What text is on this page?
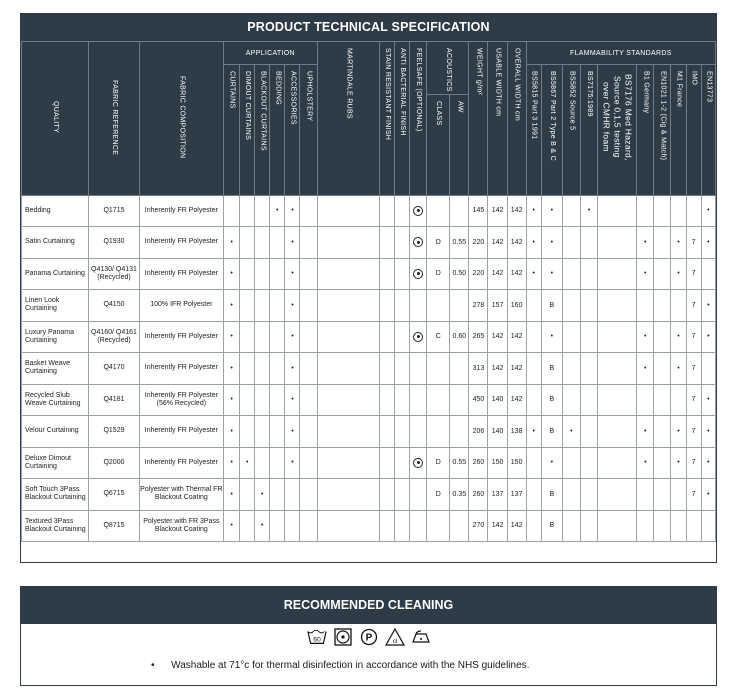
PRODUCT TECHNICAL SPECIFICATION
QUALITY	FABRIC REFERENCE	FABRIC COMPOSITION	APPLICATION						MARTINDALE RUBS	STAIN RESISTANT FINISH	ANTI BACTERIAL FINISH	FEELSAFE (OPTIONAL)	ACOUSTICS		WEIGHT g/m²	USABLE WIDTH cm	OVERALL WIDTH cm	FLAMMABILITY STANDARDS									
			CURTAINS	DIMOUT CURTAINS	BLACKOUT CURTAINS	BEDDING	ACCESSORIES	UPHOLSTERY										BS5815 Part 3 1991	BS5867 Part 2 Type B & C	BS5852 Source 5	BS7175:1989	BS7176 Med Hazard, Source 0,1,5 testing over CMHR foam	B1 Germany	EN1021 1-2 (Cig & Match)	M1 France	IMO	EN13773
													CLASS	AW													
Bedding	Q1715	Inherently FR Polyester				•	•								145	142	142	•	•		•						•
Satin Curtaining	Q1930	Inherently FR Polyester	•				•						D	0.55	220	142	142	•	•				•		•	7	•
Panama Curtaining	Q4130/ Q4131 (Recycled)	Inherently FR Polyester	•				•						D	0.50	220	142	142	•	•				•		•	7	
Linen Look Curtaining	Q4150	100% IFR Polyester	•				•								278	157	160		B							7	•
Luxury Panama Curtaining	Q4160/ Q4161 (Recycled)	Inherently FR Polyester	•				•						C	0.60	265	142	142		•				•		•	7	•
Basket Weave Curtaining	Q4170	Inherently FR Polyester	•				•								313	142	142		B				•		•	7	
Recycled Slub Weave Curtaining	Q4181	Inherently FR Polyester (56% Recycled)	•				•								450	140	142		B							7	•
Velour Curtaining	Q1529	Inherently FR Polyester	•				•								206	140	138	•	B	•			•		•	7	•
Deluxe Dimout Curtaining	Q2000	Inherently FR Polyester	•	•			•						D	0.55	260	150	150		•				•		•	7	•
Soft Touch 3Pass Blackout Curtaining	Q6715	Polyester with Thermal FR Blackout Coating	•		•								D	0.35	260	137	137		B							7	•
Textured 3Pass Blackout Curtaining	Q8715	Polyester with FR 3Pass Blackout Coating	•		•										270	142	142		B								
RECOMMENDED CLEANING
60	P	cl
•      Washable at 71°c for thermal disinfection in accordance with the NHS guidelines.
